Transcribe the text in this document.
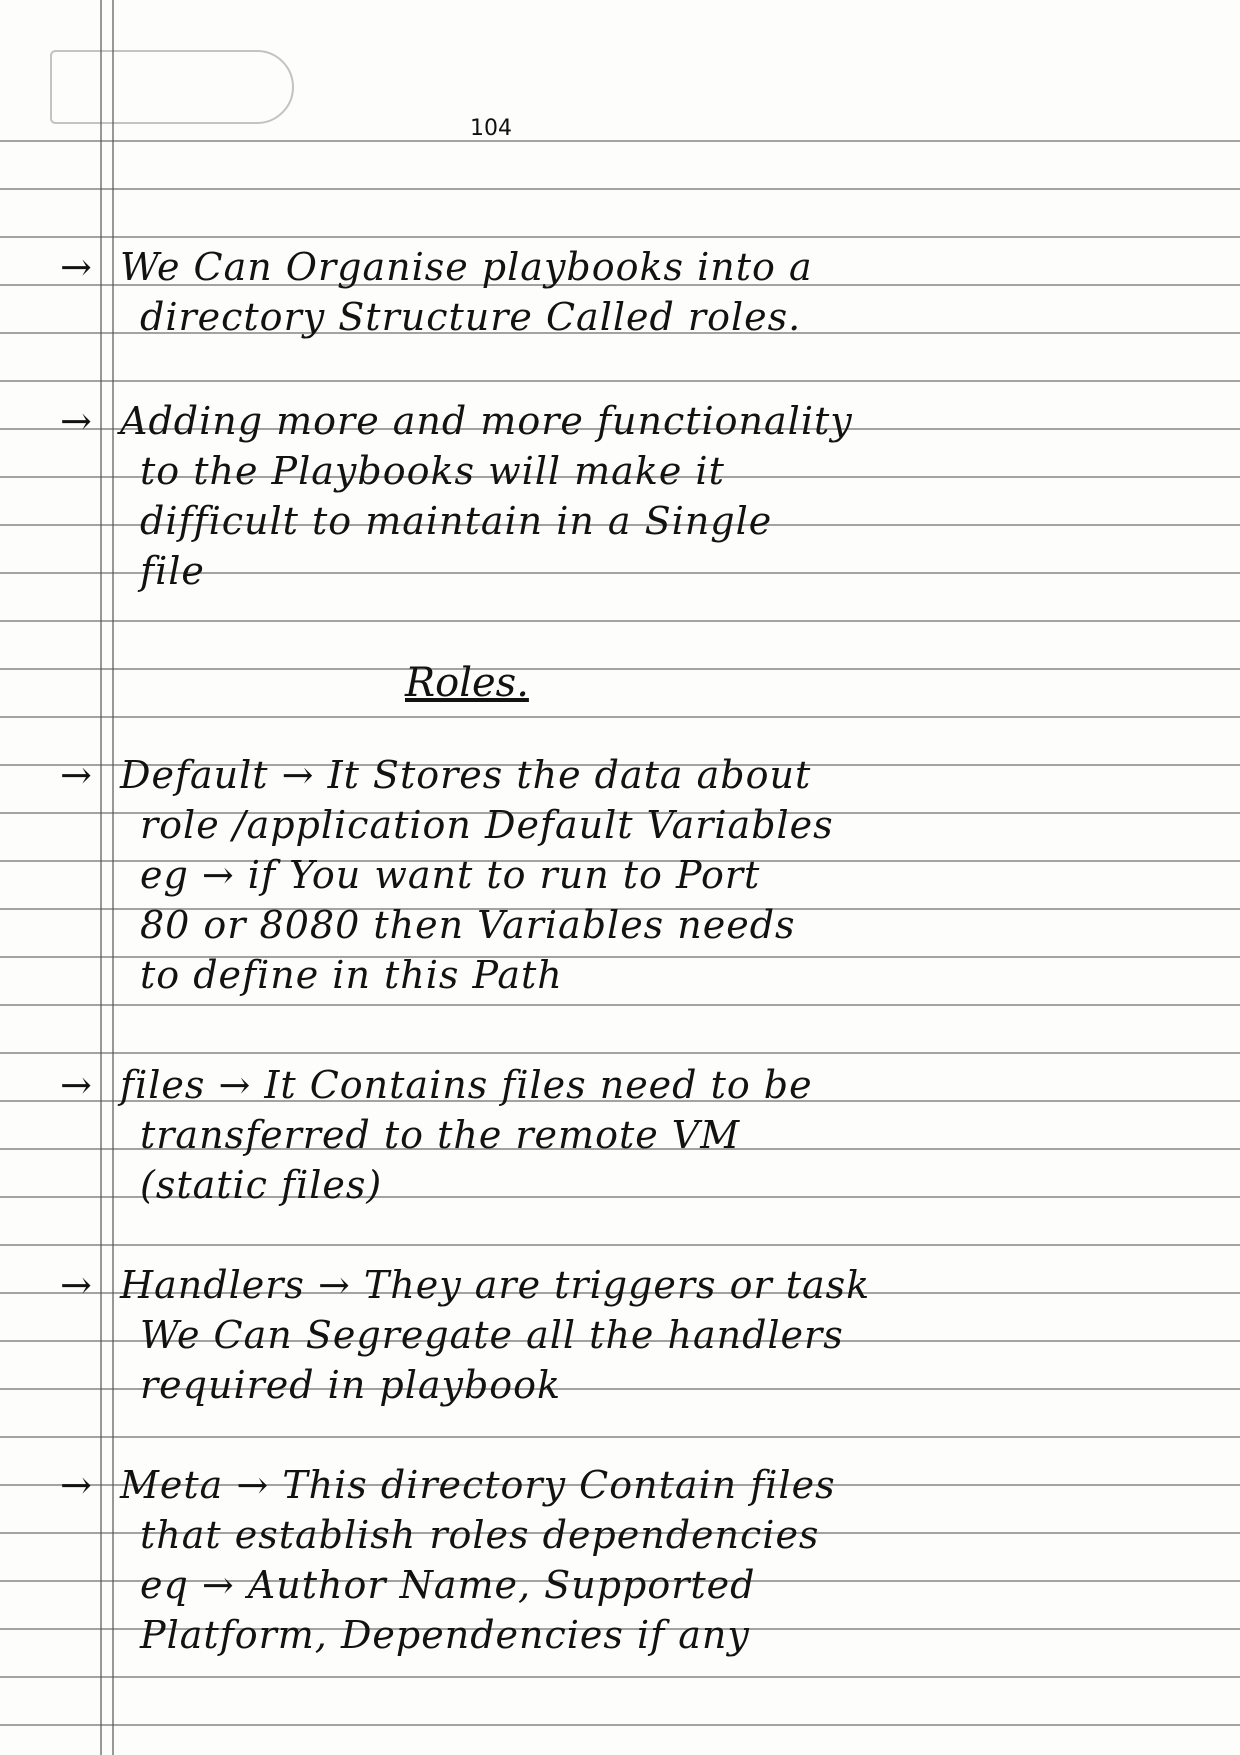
104
→ We Can Organise playbooks into a
directory Structure Called roles.
→ Adding more and more functionality
to the Playbooks will make it
difficult to maintain in a Single
file
Roles.
→ Default → It Stores the data about
role /application Default Variables
eg → if You want to run to Port
80 or 8080 then Variables needs
to define in this Path
→ files → It Contains files need to be
transferred to the remote VM
(static files)
→ Handlers → They are triggers or task
We Can Segregate all the handlers
required in playbook
→ Meta → This directory Contain files
that establish roles dependencies
eq → Author Name, Supported
Platform, Dependencies if any
